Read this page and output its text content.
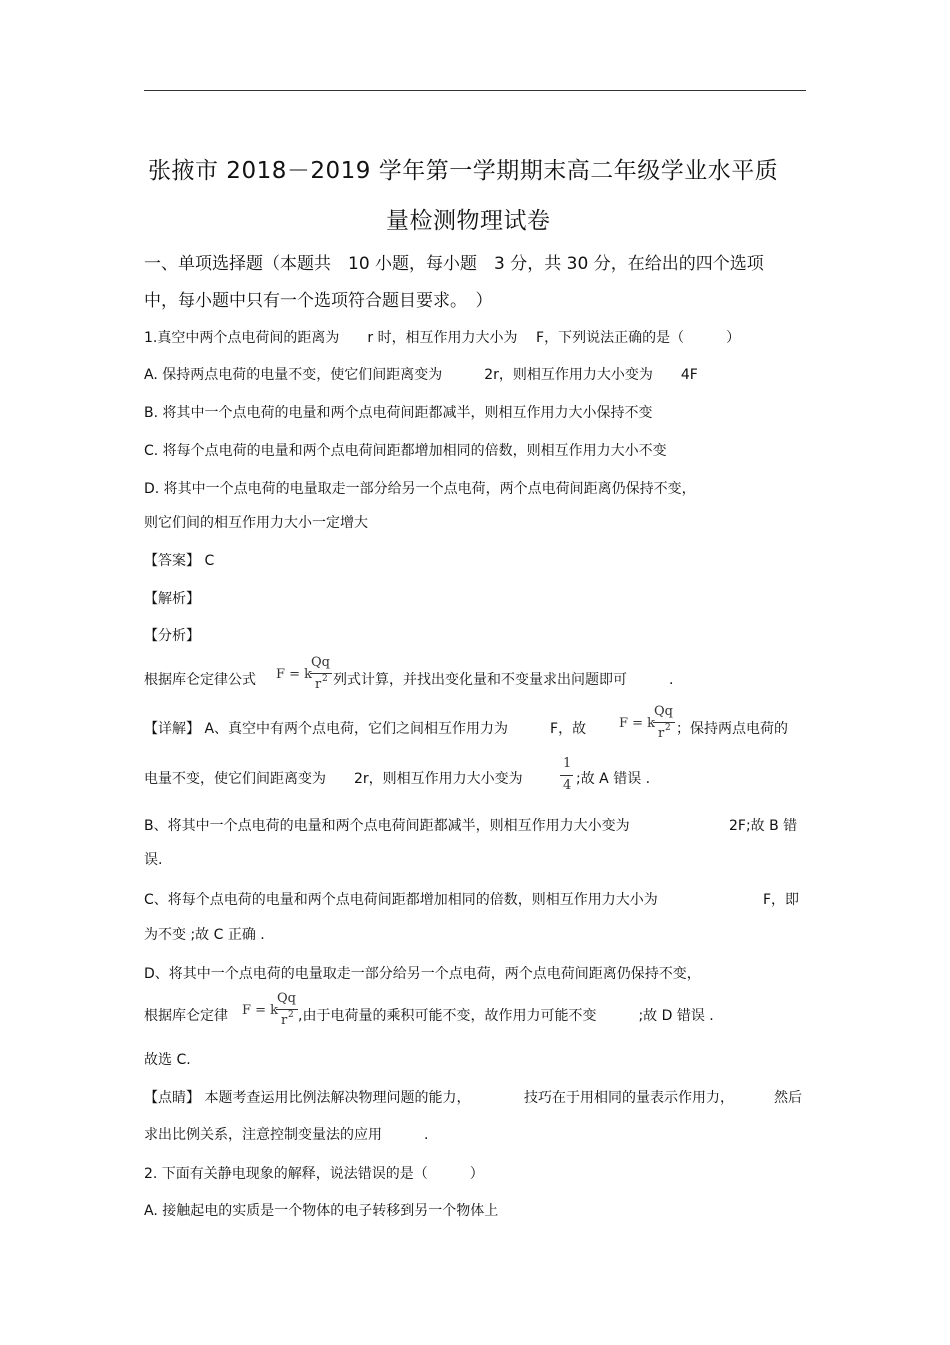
张掖市 2018－2019 学年第一学期期末高二年级学业水平质
量检测物理试卷
一、单项选择题（本题共　10 小题，每小题　3 分，共 30 分，在给出的四个选项
中，每小题中只有一个选项符合题目要求。　）
1.真空中两个点电荷间的距离为　　r 时，相互作用力大小为　 F，下列说法正确的是（　　　）
A. 保持两点电荷的电量不变，使它们间距离变为　　　2r，则相互作用力大小变为　　4F
B. 将其中一个点电荷的电量和两个点电荷间距都减半，则相互作用力大小保持不变
C. 将每个点电荷的电量和两个点电荷间距都增加相同的倍数，则相互作用力大小不变
D. 将其中一个点电荷的电量取走一部分给另一个点电荷，两个点电荷间距离仍保持不变，
则它们间的相互作用力大小一定增大
【答案】 C
【解析】
【分析】
根据库仑定律公式 F = k
Qq
r 2 列式计算，并找出变化量和不变量求出问题即可　　　.
【详解】 A、真空中有两个点电荷，它们之间相互作用力为　　　F，故	F = k
Qq
r 2 ；保持两点电荷的
电量不变，使它们间距离变为　　2r，则相互作用力大小变为
1
4 ;故 A 错误 .
B、将其中一个点电荷的电量和两个点电荷间距都减半，则相互作用力大小变为	2F;故 B 错
误.
C、将每个点电荷的电量和两个点电荷间距都增加相同的倍数，则相互作用力大小为	F，即
为不变 ;故 C 正确 .
D、将其中一个点电荷的电量取走一部分给另一个点电荷，两个点电荷间距离仍保持不变，
根据库仑定律 F = k
Qq
r 2 ,由于电荷量的乘积可能不变，故作用力可能不变　　　;故 D 错误 .
故选 C.
【点睛】 本题考查运用比例法解决物理问题的能力，	技巧在于用相同的量表示作用力，	然后
求出比例关系，注意控制变量法的应用　　　.
2. 下面有关静电现象的解释，说法错误的是（　　　）
A. 接触起电的实质是一个物体的电子转移到另一个物体上
